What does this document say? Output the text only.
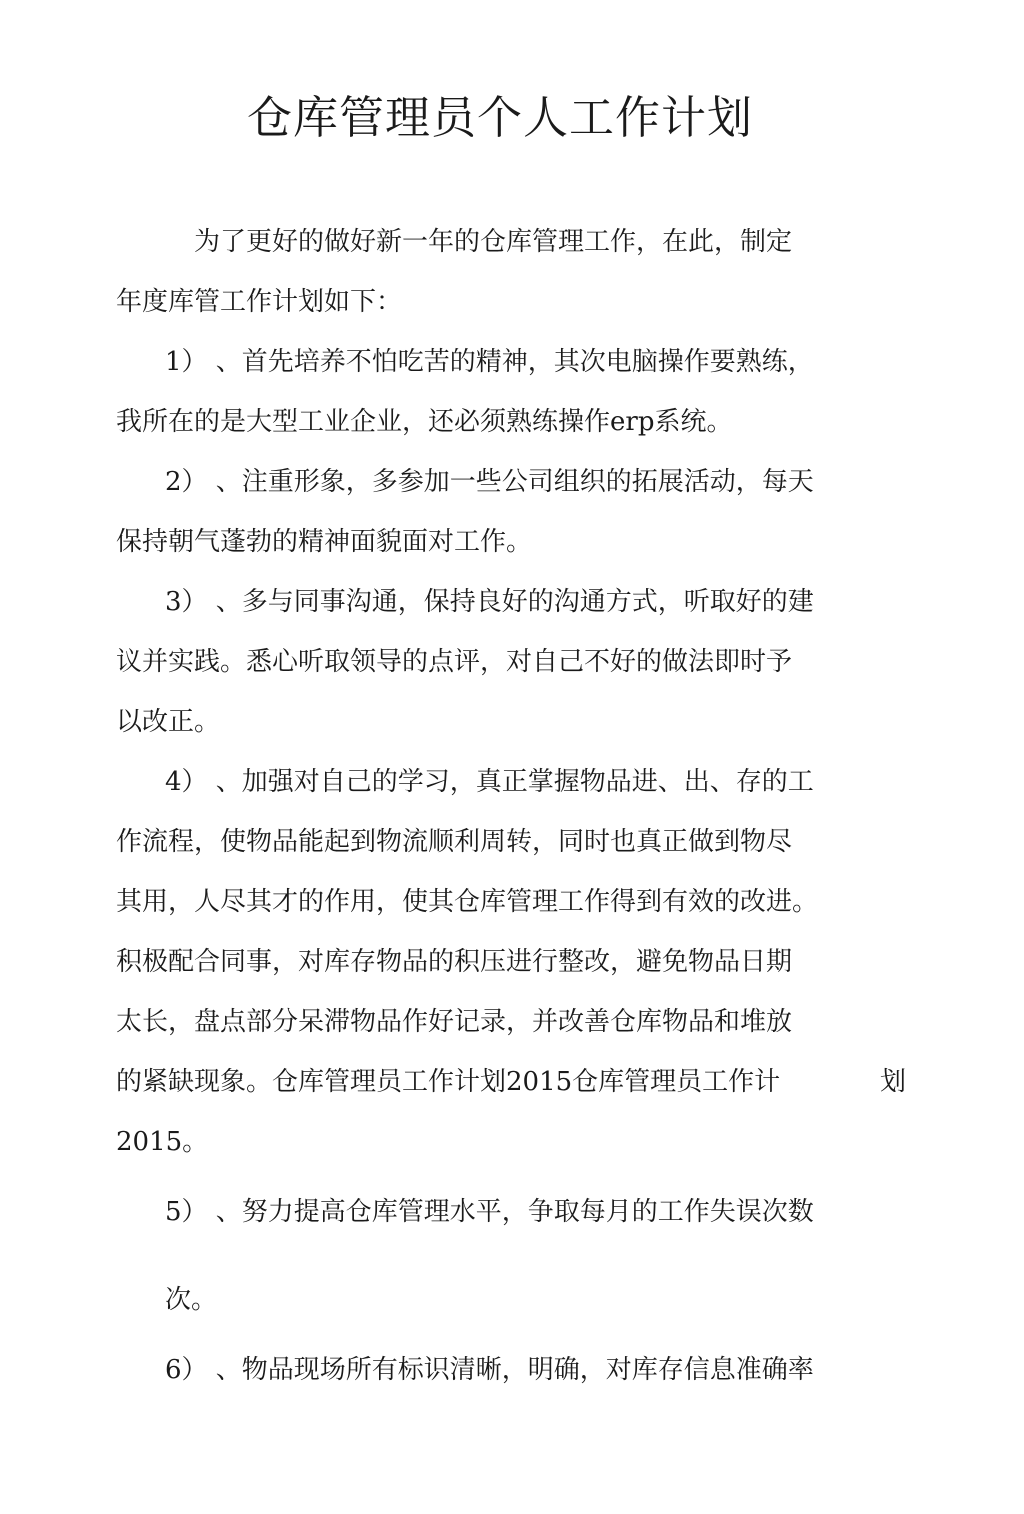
仓库管理员个人工作计划
为了更好的做好新一年的仓库管理工作，在此，制定
年度库管工作计划如下：
1） 、首先培养不怕吃苦的精神，其次电脑操作要熟练，
我所在的是大型工业企业，还必须熟练操作erp系统。
2） 、注重形象，多参加一些公司组织的拓展活动，每天
保持朝气蓬勃的精神面貌面对工作。
3） 、多与同事沟通，保持良好的沟通方式，听取好的建
议并实践。悉心听取领导的点评，对自己不好的做法即时予
以改正。
4） 、加强对自己的学习，真正掌握物品进、出、存的工
作流程，使物品能起到物流顺利周转，同时也真正做到物尽
其用，人尽其才的作用，使其仓库管理工作得到有效的改进。
积极配合同事，对库存物品的积压进行整改，避免物品日期
太长，盘点部分呆滞物品作好记录，并改善仓库物品和堆放
的紧缺现象。仓库管理员工作计划2015仓库管理员工作计	划
2015。
5） 、努力提高仓库管理水平，争取每月的工作失误次数
次。
6） 、物品现场所有标识清晰，明确，对库存信息准确率
